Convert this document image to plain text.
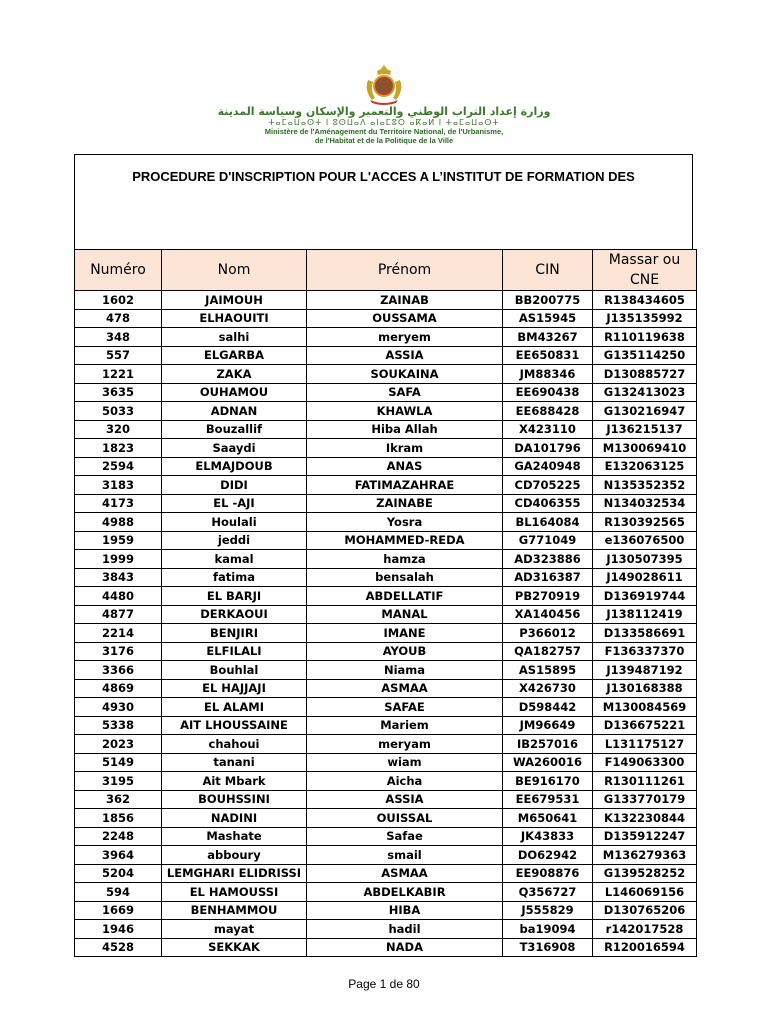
وزارة إعداد التراب الوطني والتعمير والإسكان وسياسة المدينة
ⵜⴰⵎⴰⵡⴰⵙⵜ ⵏ ⵓⵙⵡⴰⴷ ⴰⵏⴰⵎⵓⵔ ⴰⴽⴰⵍ ⵏ ⵜⴰⵎⴰⵡⴰⵙⵜ
Ministère de l'Aménagement du Territoire National, de l'Urbanisme,
de l'Habitat et de la Politique de la Ville
PROCEDURE D'INSCRIPTION POUR L'ACCES A L’INSTITUT DE FORMATION DES
Numéro	Nom	Prénom	CIN	Massar ou
CNE
1602	JAIMOUH	ZAINAB	BB200775	R138434605
478	ELHAOUITI	OUSSAMA	AS15945	J135135992
348	salhi	meryem	BM43267	R110119638
557	ELGARBA	ASSIA	EE650831	G135114250
1221	ZAKA	SOUKAINA	JM88346	D130885727
3635	OUHAMOU	SAFA	EE690438	G132413023
5033	ADNAN	KHAWLA	EE688428	G130216947
320	Bouzallif	Hiba Allah	X423110	J136215137
1823	Saaydi	Ikram	DA101796	M130069410
2594	ELMAJDOUB	ANAS	GA240948	E132063125
3183	DIDI	FATIMAZAHRAE	CD705225	N135352352
4173	EL -AJI	ZAINABE	CD406355	N134032534
4988	Houlali	Yosra	BL164084	R130392565
1959	jeddi	MOHAMMED-REDA	G771049	e136076500
1999	kamal	hamza	AD323886	J130507395
3843	fatima	bensalah	AD316387	J149028611
4480	EL BARJI	ABDELLATIF	PB270919	D136919744
4877	DERKAOUI	MANAL	XA140456	J138112419
2214	BENJIRI	IMANE	P366012	D133586691
3176	ELFILALI	AYOUB	QA182757	F136337370
3366	Bouhlal	Niama	AS15895	J139487192
4869	EL HAJJAJI	ASMAA	X426730	J130168388
4930	EL ALAMI	SAFAE	D598442	M130084569
5338	AIT LHOUSSAINE	Mariem	JM96649	D136675221
2023	chahoui	meryam	IB257016	L131175127
5149	tanani	wiam	WA260016	F149063300
3195	Ait Mbark	Aicha	BE916170	R130111261
362	BOUHSSINI	ASSIA	EE679531	G133770179
1856	NADINI	OUISSAL	M650641	K132230844
2248	Mashate	Safae	JK43833	D135912247
3964	abboury	smail	DO62942	M136279363
5204	LEMGHARI ELIDRISSI	ASMAA	EE908876	G139528252
594	EL HAMOUSSI	ABDELKABIR	Q356727	L146069156
1669	BENHAMMOU	HIBA	J555829	D130765206
1946	mayat	hadil	ba19094	r142017528
4528	SEKKAK	NADA	T316908	R120016594
Page 1 de 80
